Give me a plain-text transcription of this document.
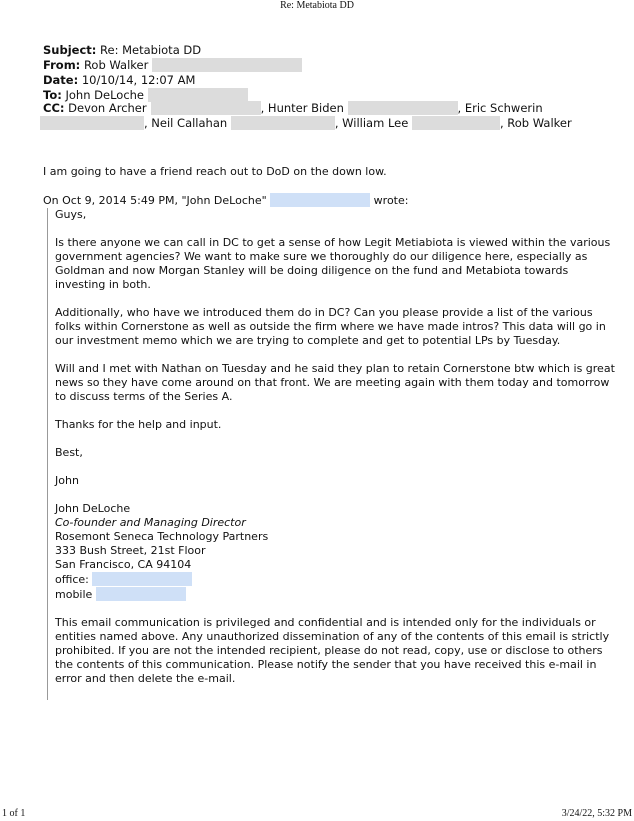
Re: Metabiota DD
Subject: Re: Metabiota DD
From: Rob Walker
Date: 10/10/14, 12:07 AM
To: John DeLoche
CC: Devon Archer	, Hunter Biden	, Eric Schwerin
, Neil Callahan	, William Lee	, Rob Walker
I am going to have a friend reach out to DoD on the down low.
On Oct 9, 2014 5:49 PM, "John DeLoche"	wrote:

Guys,

Is there anyone we can call in DC to get a sense of how Legit Metiabiota is viewed within the various government agencies? We want to make sure we thoroughly do our diligence here, especially as Goldman and now Morgan Stanley will be doing diligence on the fund and Metabiota towards investing in both.

Additionally, who have we introduced them do in DC? Can you please provide a list of the various folks within Cornerstone as well as outside the firm where we have made intros? This data will go in our investment memo which we are trying to complete and get to potential LPs by Tuesday.

Will and I met with Nathan on Tuesday and he said they plan to retain Cornerstone btw which is great news so they have come around on that front. We are meeting again with them today and tomorrow to discuss terms of the Series A.

Thanks for the help and input.

Best,

John

John DeLoche
Co-founder and Managing Director
Rosemont Seneca Technology Partners
333 Bush Street, 21st Floor
San Francisco, CA 94104
office:
mobile

This email communication is privileged and confidential and is intended only for the individuals or entities named above. Any unauthorized dissemination of any of the contents of this email is strictly prohibited. If you are not the intended recipient, please do not read, copy, use or disclose to others the contents of this communication. Please notify the sender that you have received this e-mail in error and then delete the e-mail.

1 of 1	3/24/22, 5:32 PM
